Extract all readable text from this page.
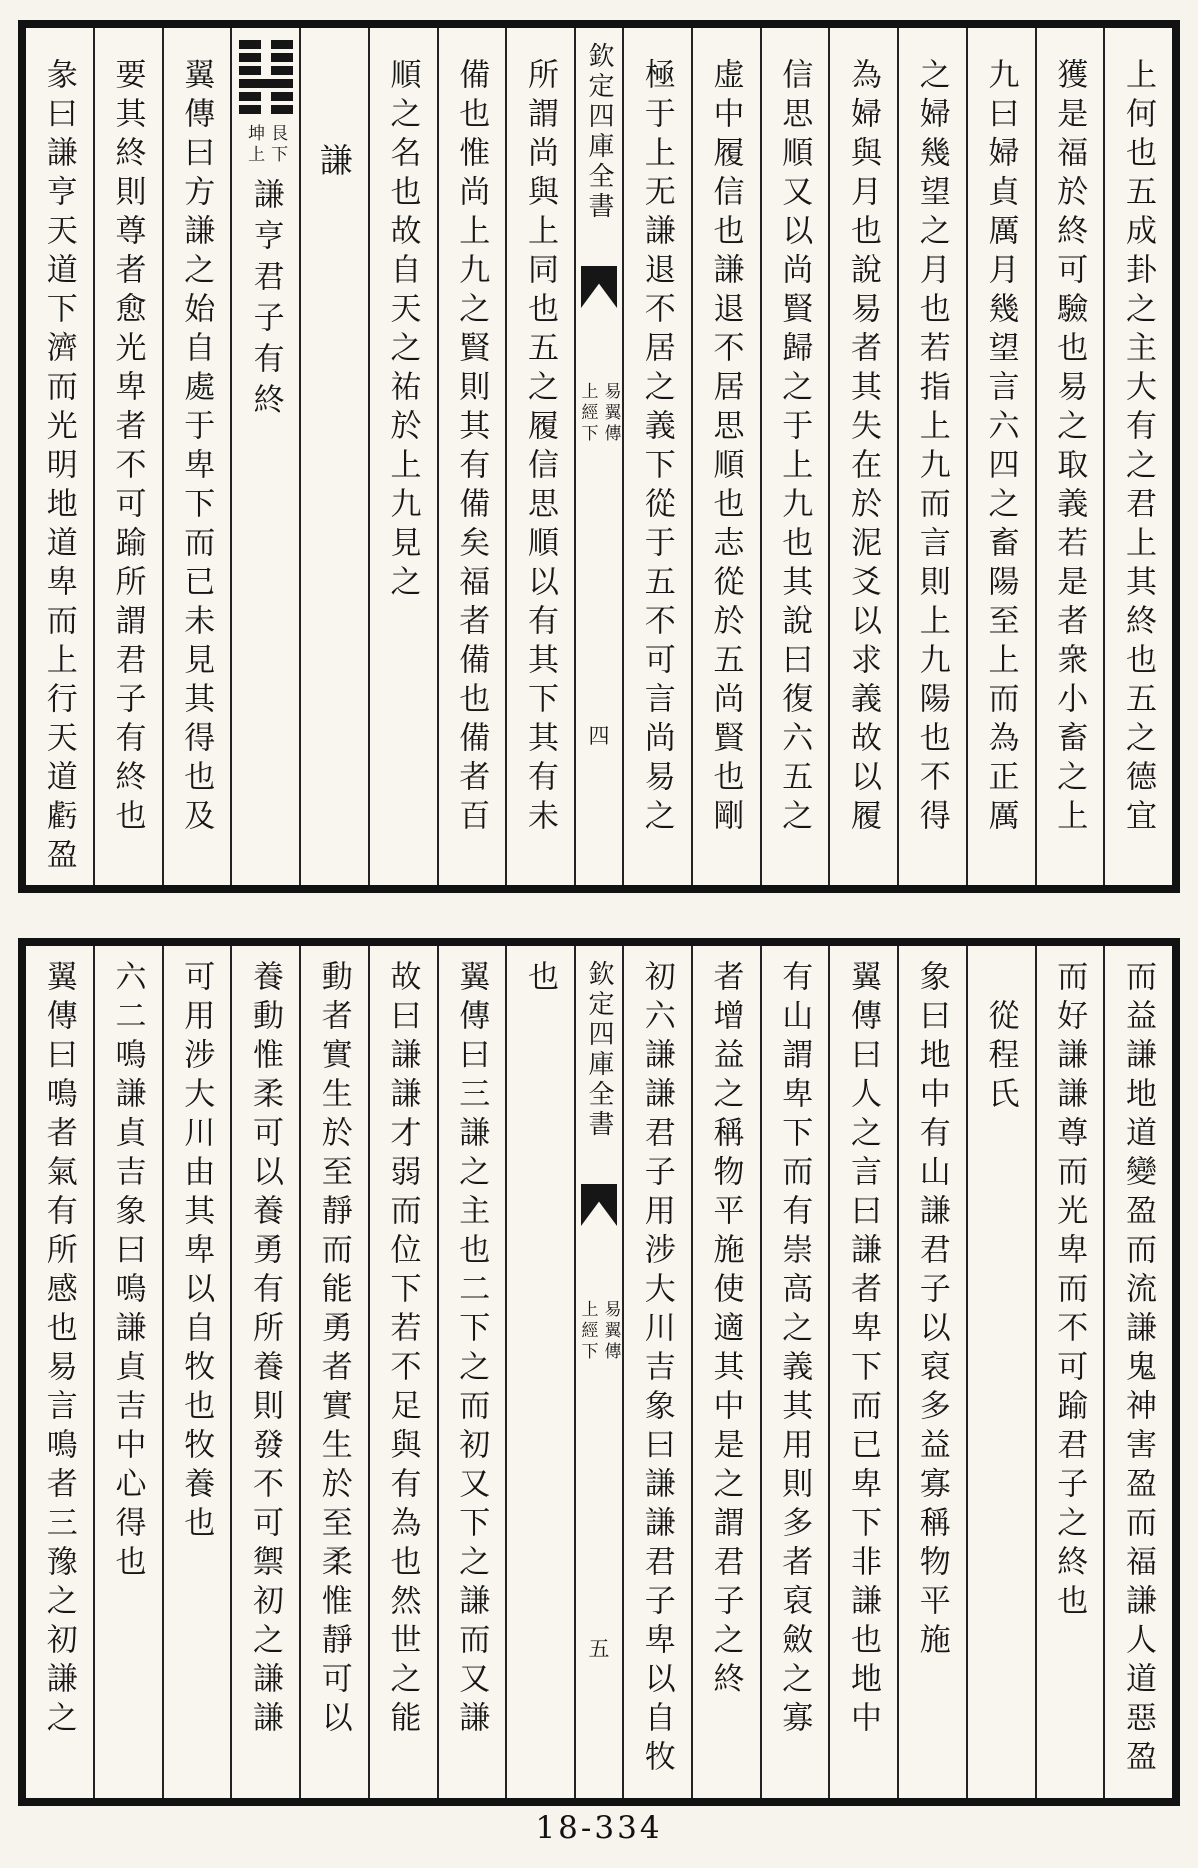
上何也五成卦之主大有之君上其終也五之德宜
獲是福於終可驗也易之取義若是者衆小畜之上
九曰婦貞厲月幾望言六四之畜陽至上而為正厲
之婦幾望之月也若指上九而言則上九陽也不得
為婦與月也說易者其失在於泥爻以求義故以履
信思順又以尚賢歸之于上九也其說曰復六五之
虚中履信也謙退不居思順也志從於五尚賢也剛
極于上无謙退不居之義下從于五不可言尚易之
欽定四庫全書
易翼傳
上經下
四
所謂尚與上同也五之履信思順以有其下其有未
備也惟尚上九之賢則其有備矣福者備也備者百
順之名也故自天之祐於上九見之
謙
艮下
坤上
謙亨君子有終
翼傳曰方謙之始自處于卑下而已未見其得也及
要其終則尊者愈光卑者不可踰所謂君子有終也
彖曰謙亨天道下濟而光明地道卑而上行天道虧盈
而益謙地道變盈而流謙鬼神害盈而福謙人道惡盈
而好謙謙尊而光卑而不可踰君子之終也
從程氏
象曰地中有山謙君子以裒多益寡稱物平施
翼傳曰人之言曰謙者卑下而已卑下非謙也地中
有山謂卑下而有崇高之義其用則多者裒斂之寡
者增益之稱物平施使適其中是之謂君子之終
初六謙謙君子用涉大川吉象曰謙謙君子卑以自牧
欽定四庫全書
易翼傳
上經下
五
也
翼傳曰三謙之主也二下之而初又下之謙而又謙
故曰謙謙才弱而位下若不足與有為也然世之能
動者實生於至靜而能勇者實生於至柔惟靜可以
養動惟柔可以養勇有所養則發不可禦初之謙謙
可用涉大川由其卑以自牧也牧養也
六二鳴謙貞吉象曰鳴謙貞吉中心得也
翼傳曰鳴者氣有所感也易言鳴者三豫之初謙之
18-334
